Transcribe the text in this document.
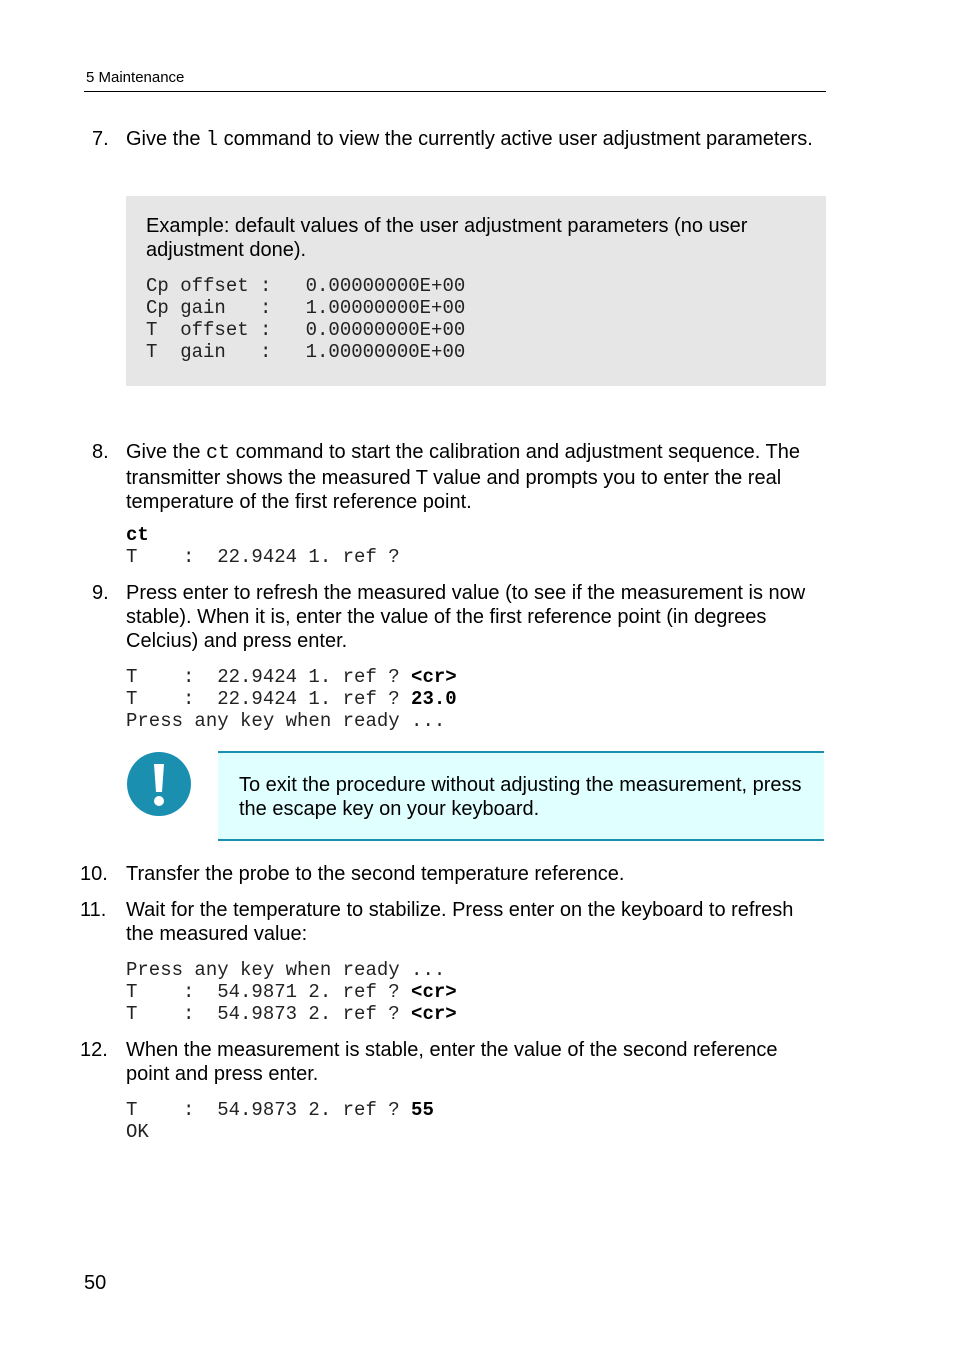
5 Maintenance
7. Give the l command to view the currently active user adjustment parameters.
Example: default values of the user adjustment parameters (no user adjustment done).
Cp offset :   0.00000000E+00
Cp gain   :   1.00000000E+00
T  offset :   0.00000000E+00
T  gain   :   1.00000000E+00
8. Give the ct command to start the calibration and adjustment sequence. The transmitter shows the measured T value and prompts you to enter the real temperature of the first reference point.
ct
T    :  22.9424 1. ref ?
9. Press enter to refresh the measured value (to see if the measurement is now stable). When it is, enter the value of the first reference point (in degrees Celcius) and press enter.
T    :  22.9424 1. ref ? <cr>
T    :  22.9424 1. ref ? 23.0
Press any key when ready ...
To exit the procedure without adjusting the measurement, press the escape key on your keyboard.
10. Transfer the probe to the second temperature reference.
11. Wait for the temperature to stabilize. Press enter on the keyboard to refresh the measured value:
Press any key when ready ...
T    :  54.9871 2. ref ? <cr>
T    :  54.9873 2. ref ? <cr>
12. When the measurement is stable, enter the value of the second reference point and press enter.
T    :  54.9873 2. ref ? 55
OK
50
